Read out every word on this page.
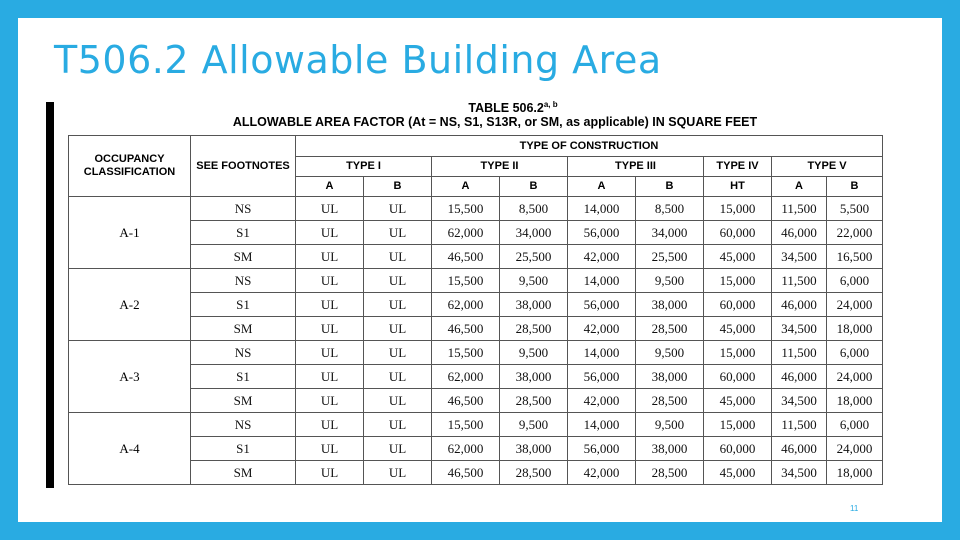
T506.2 Allowable Building Area
TABLE 506.2$^{a, b}$
ALLOWABLE AREA FACTOR (At = NS, S1, S13R, or SM, as applicable) IN SQUARE FEET
OCCUPANCY CLASSIFICATION	SEE FOOTNOTES	TYPE OF CONSTRUCTION								
		TYPE I		TYPE II		TYPE III		TYPE IV	TYPE V	
		A	B	A	B	A	B	HT	A	B
A-1	NS	UL	UL	15,500	8,500	14,000	8,500	15,000	11,500	5,500
	S1	UL	UL	62,000	34,000	56,000	34,000	60,000	46,000	22,000
	SM	UL	UL	46,500	25,500	42,000	25,500	45,000	34,500	16,500
A-2	NS	UL	UL	15,500	9,500	14,000	9,500	15,000	11,500	6,000
	S1	UL	UL	62,000	38,000	56,000	38,000	60,000	46,000	24,000
	SM	UL	UL	46,500	28,500	42,000	28,500	45,000	34,500	18,000
A-3	NS	UL	UL	15,500	9,500	14,000	9,500	15,000	11,500	6,000
	S1	UL	UL	62,000	38,000	56,000	38,000	60,000	46,000	24,000
	SM	UL	UL	46,500	28,500	42,000	28,500	45,000	34,500	18,000
A-4	NS	UL	UL	15,500	9,500	14,000	9,500	15,000	11,500	6,000
	S1	UL	UL	62,000	38,000	56,000	38,000	60,000	46,000	24,000
	SM	UL	UL	46,500	28,500	42,000	28,500	45,000	34,500	18,000
11
